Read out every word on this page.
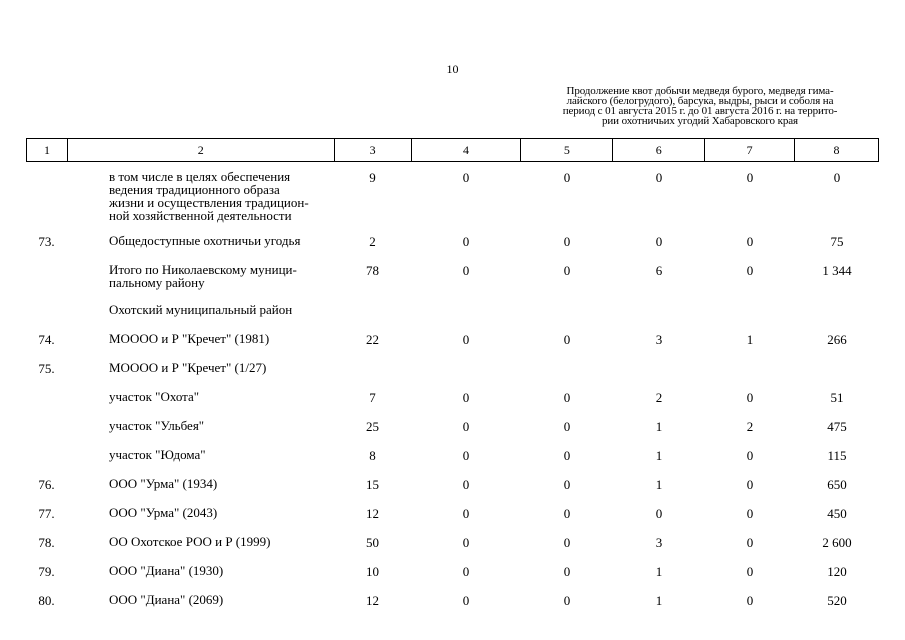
10
Продолжение квот добычи медведя бурого, медведя гима-
лайского (белогрудого), барсука, выдры, рыси и соболя на
период с 01 августа 2015 г. до 01 августа 2016 г. на террито-
рии охотничьих угодий Хабаровского края
1	2	3	4	5	6	7	8

	в том числе в целях обеспечения
ведения традиционного образа
жизни и осуществления традицион-
ной хозяйственной деятельности	9	0	0	0	0	0
73.	Общедоступные охотничьи угодья	2	0	0	0	0	75

	Итого по Николаевскому муници-
пальному району	78	0	0	6	0	1 344

	Охотский муниципальный район						

74.	МОООО и Р "Кречет" (1981)	22	0	0	3	1	266
75.	МОООО и Р "Кречет" (1/27)						

	участок "Охота"	7	0	0	2	0	51

	участок "Ульбея"	25	0	0	1	2	475

	участок "Юдома"	8	0	0	1	0	115
76.	ООО "Урма" (1934)	15	0	0	1	0	650
77.	ООО "Урма" (2043)	12	0	0	0	0	450
78.	ОО Охотское РОО и Р (1999)	50	0	0	3	0	2 600
79.	ООО "Диана" (1930)	10	0	0	1	0	120
80.	ООО "Диана" (2069)	12	0	0	1	0	520
